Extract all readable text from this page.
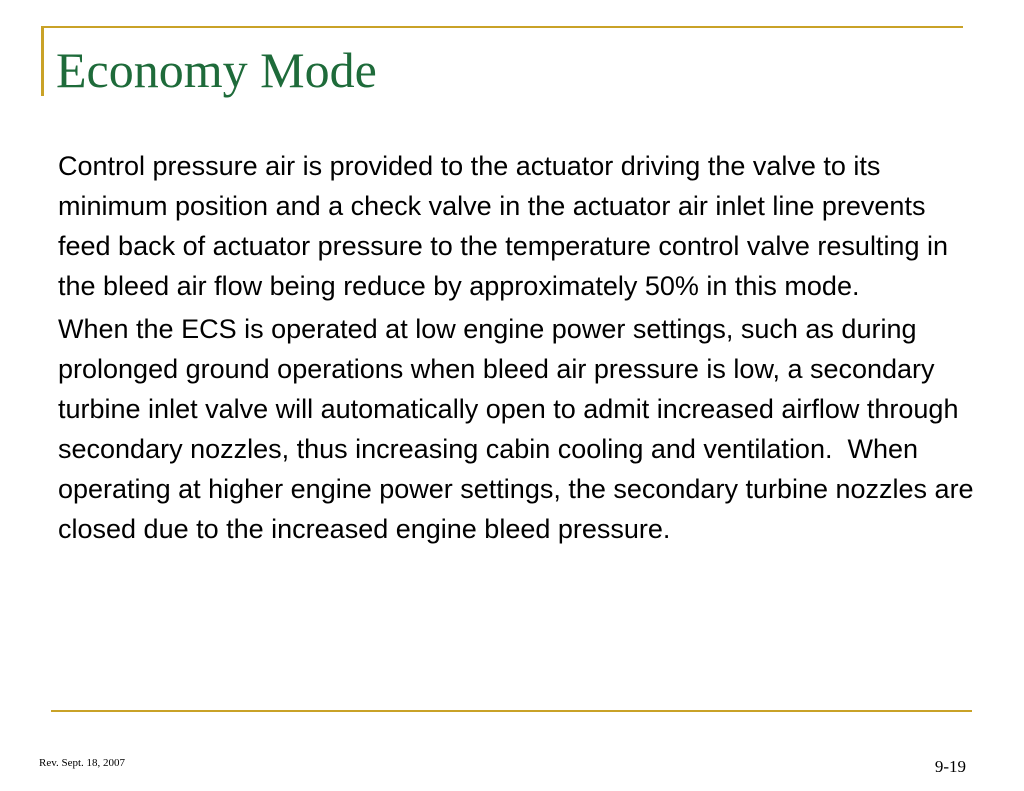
Economy Mode

Control pressure air is provided to the actuator driving the valve to its minimum position and a check valve in the actuator air inlet line prevents feed back of actuator pressure to the temperature control valve resulting in the bleed air flow being reduce by approximately 50% in this mode.

When the ECS is operated at low engine power settings, such as during prolonged ground operations when bleed air pressure is low, a secondary turbine inlet valve will automatically open to admit increased airflow through secondary nozzles, thus increasing cabin cooling and ventilation.  When operating at higher engine power settings, the secondary turbine nozzles are closed due to the increased engine bleed pressure.

Rev. Sept. 18, 2007	9-19
